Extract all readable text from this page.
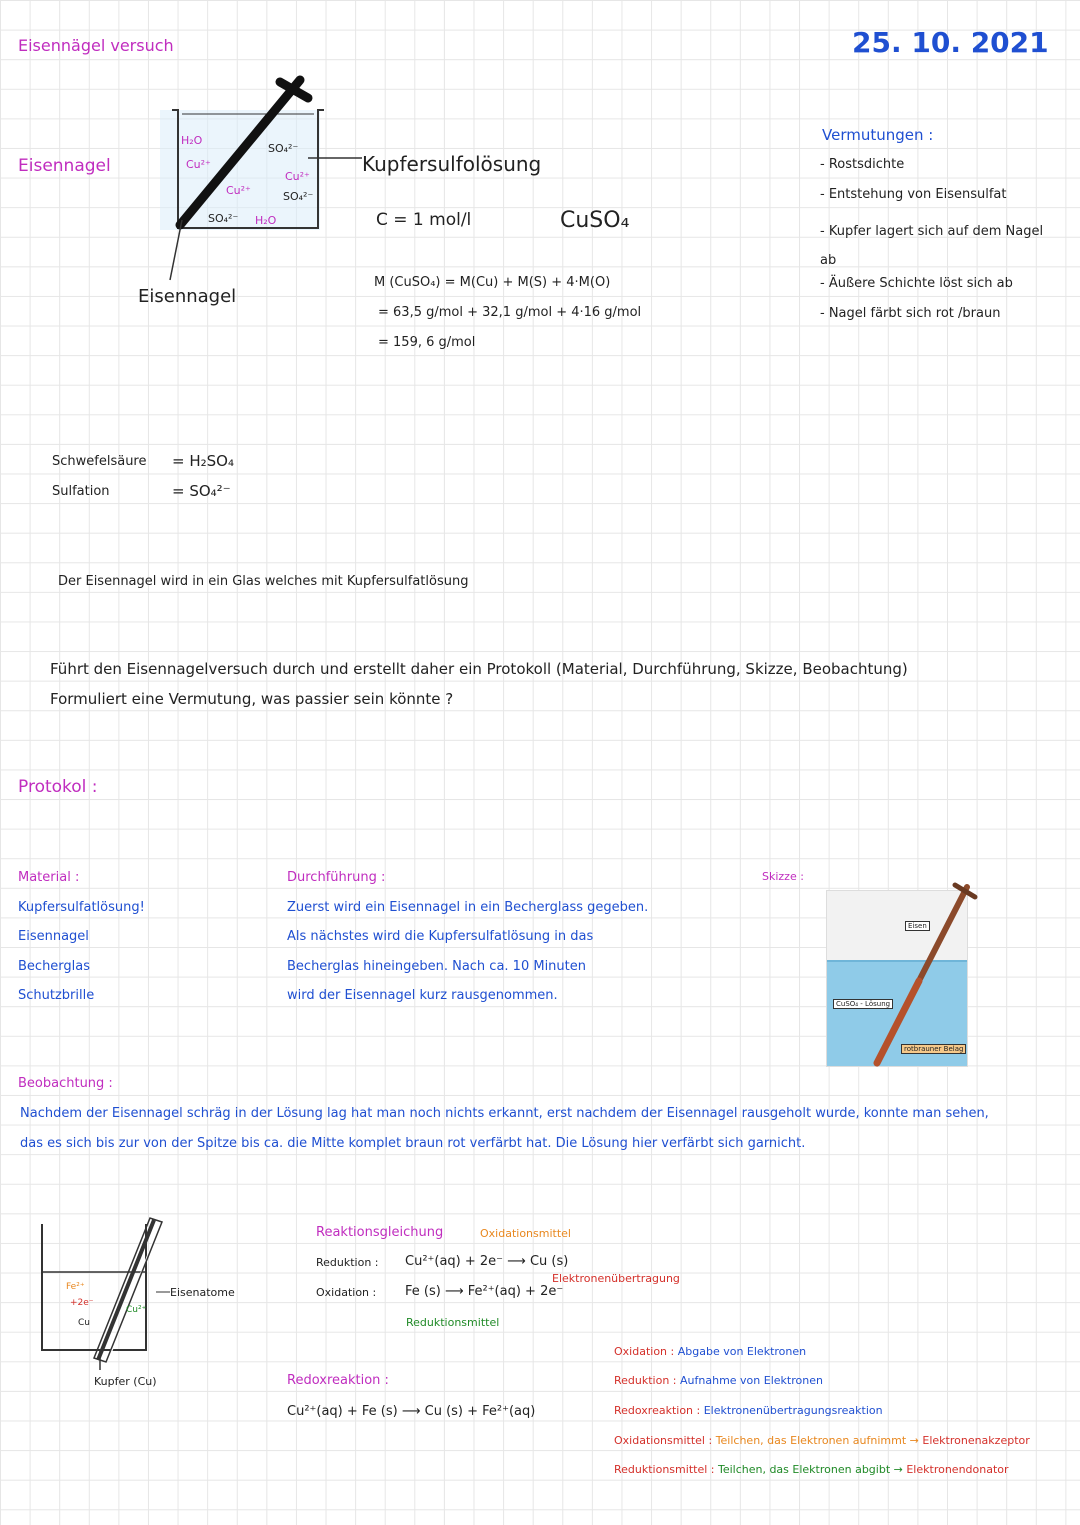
Eisennägel versuch	25. 10. 2021
Eisennagel
H₂O
Cu²⁺
SO₄²⁻
Cu²⁺
Cu²⁺
SO₄²⁻
SO₄²⁻ H₂O
Kupfersulfolösung
Eisennagel
C = 1 mol/l	CuSO₄
M (CuSO₄) = M(Cu) + M(S) + 4·M(O)
= 63,5 g/mol + 32,1 g/mol + 4·16 g/mol
= 159, 6 g/mol
Vermutungen :
- Rostsdichte
- Entstehung von Eisensulfat
- Kupfer lagert sich auf dem Nagel ab
- Äußere Schichte löst sich ab
- Nagel färbt sich rot /braun
Schwefelsäure = H₂SO₄
Sulfation	= SO₄²⁻
Der Eisennagel wird in ein Glas welches mit Kupfersulfatlösung
Führt den Eisennagelversuch durch und erstellt daher ein Protokoll (Material, Durchführung, Skizze, Beobachtung)
Formuliert eine Vermutung, was passier sein könnte ?
Protokol :
Material :
Kupfersulfatlösung!
Eisennagel
Becherglas
Schutzbrille
Durchführung :
Zuerst wird ein Eisennagel in ein Becherglass gegeben.
Als nächstes wird die Kupfersulfatlösung in das
Becherglas hineingeben. Nach ca. 10 Minuten
wird der Eisennagel kurz rausgenommen.
Skizze :
Eisen
CuSO₄ - Lösung
rotbrauner Belag
Beobachtung :
Nachdem der Eisennagel schräg in der Lösung lag hat man noch nichts erkannt, erst nachdem der Eisennagel rausgeholt wurde, konnte man sehen,
das es sich bis zur von der Spitze bis ca. die Mitte komplet braun rot verfärbt hat. Die Lösung hier verfärbt sich garnicht.
Eisenatome
Kupfer (Cu)
Fe²⁺
+2e⁻
Cu²⁺
Cu
Reaktionsgleichung	Oxidationsmittel
Reduktion : Cu²⁺(aq) + 2e⁻ ⟶ Cu (s)
Elektronenübertragung
Oxidation : Fe (s) ⟶ Fe²⁺(aq) + 2e⁻
Reduktionsmittel
Redoxreaktion :
Cu²⁺(aq) + Fe (s) ⟶ Cu (s) + Fe²⁺(aq)
Oxidation : Abgabe von Elektronen
Reduktion : Aufnahme von Elektronen
Redoxreaktion : Elektronenübertragungsreaktion
Oxidationsmittel : Teilchen, das Elektronen aufnimmt → Elektronenakzeptor
Reduktionsmittel : Teilchen, das Elektronen abgibt → Elektronendonator
